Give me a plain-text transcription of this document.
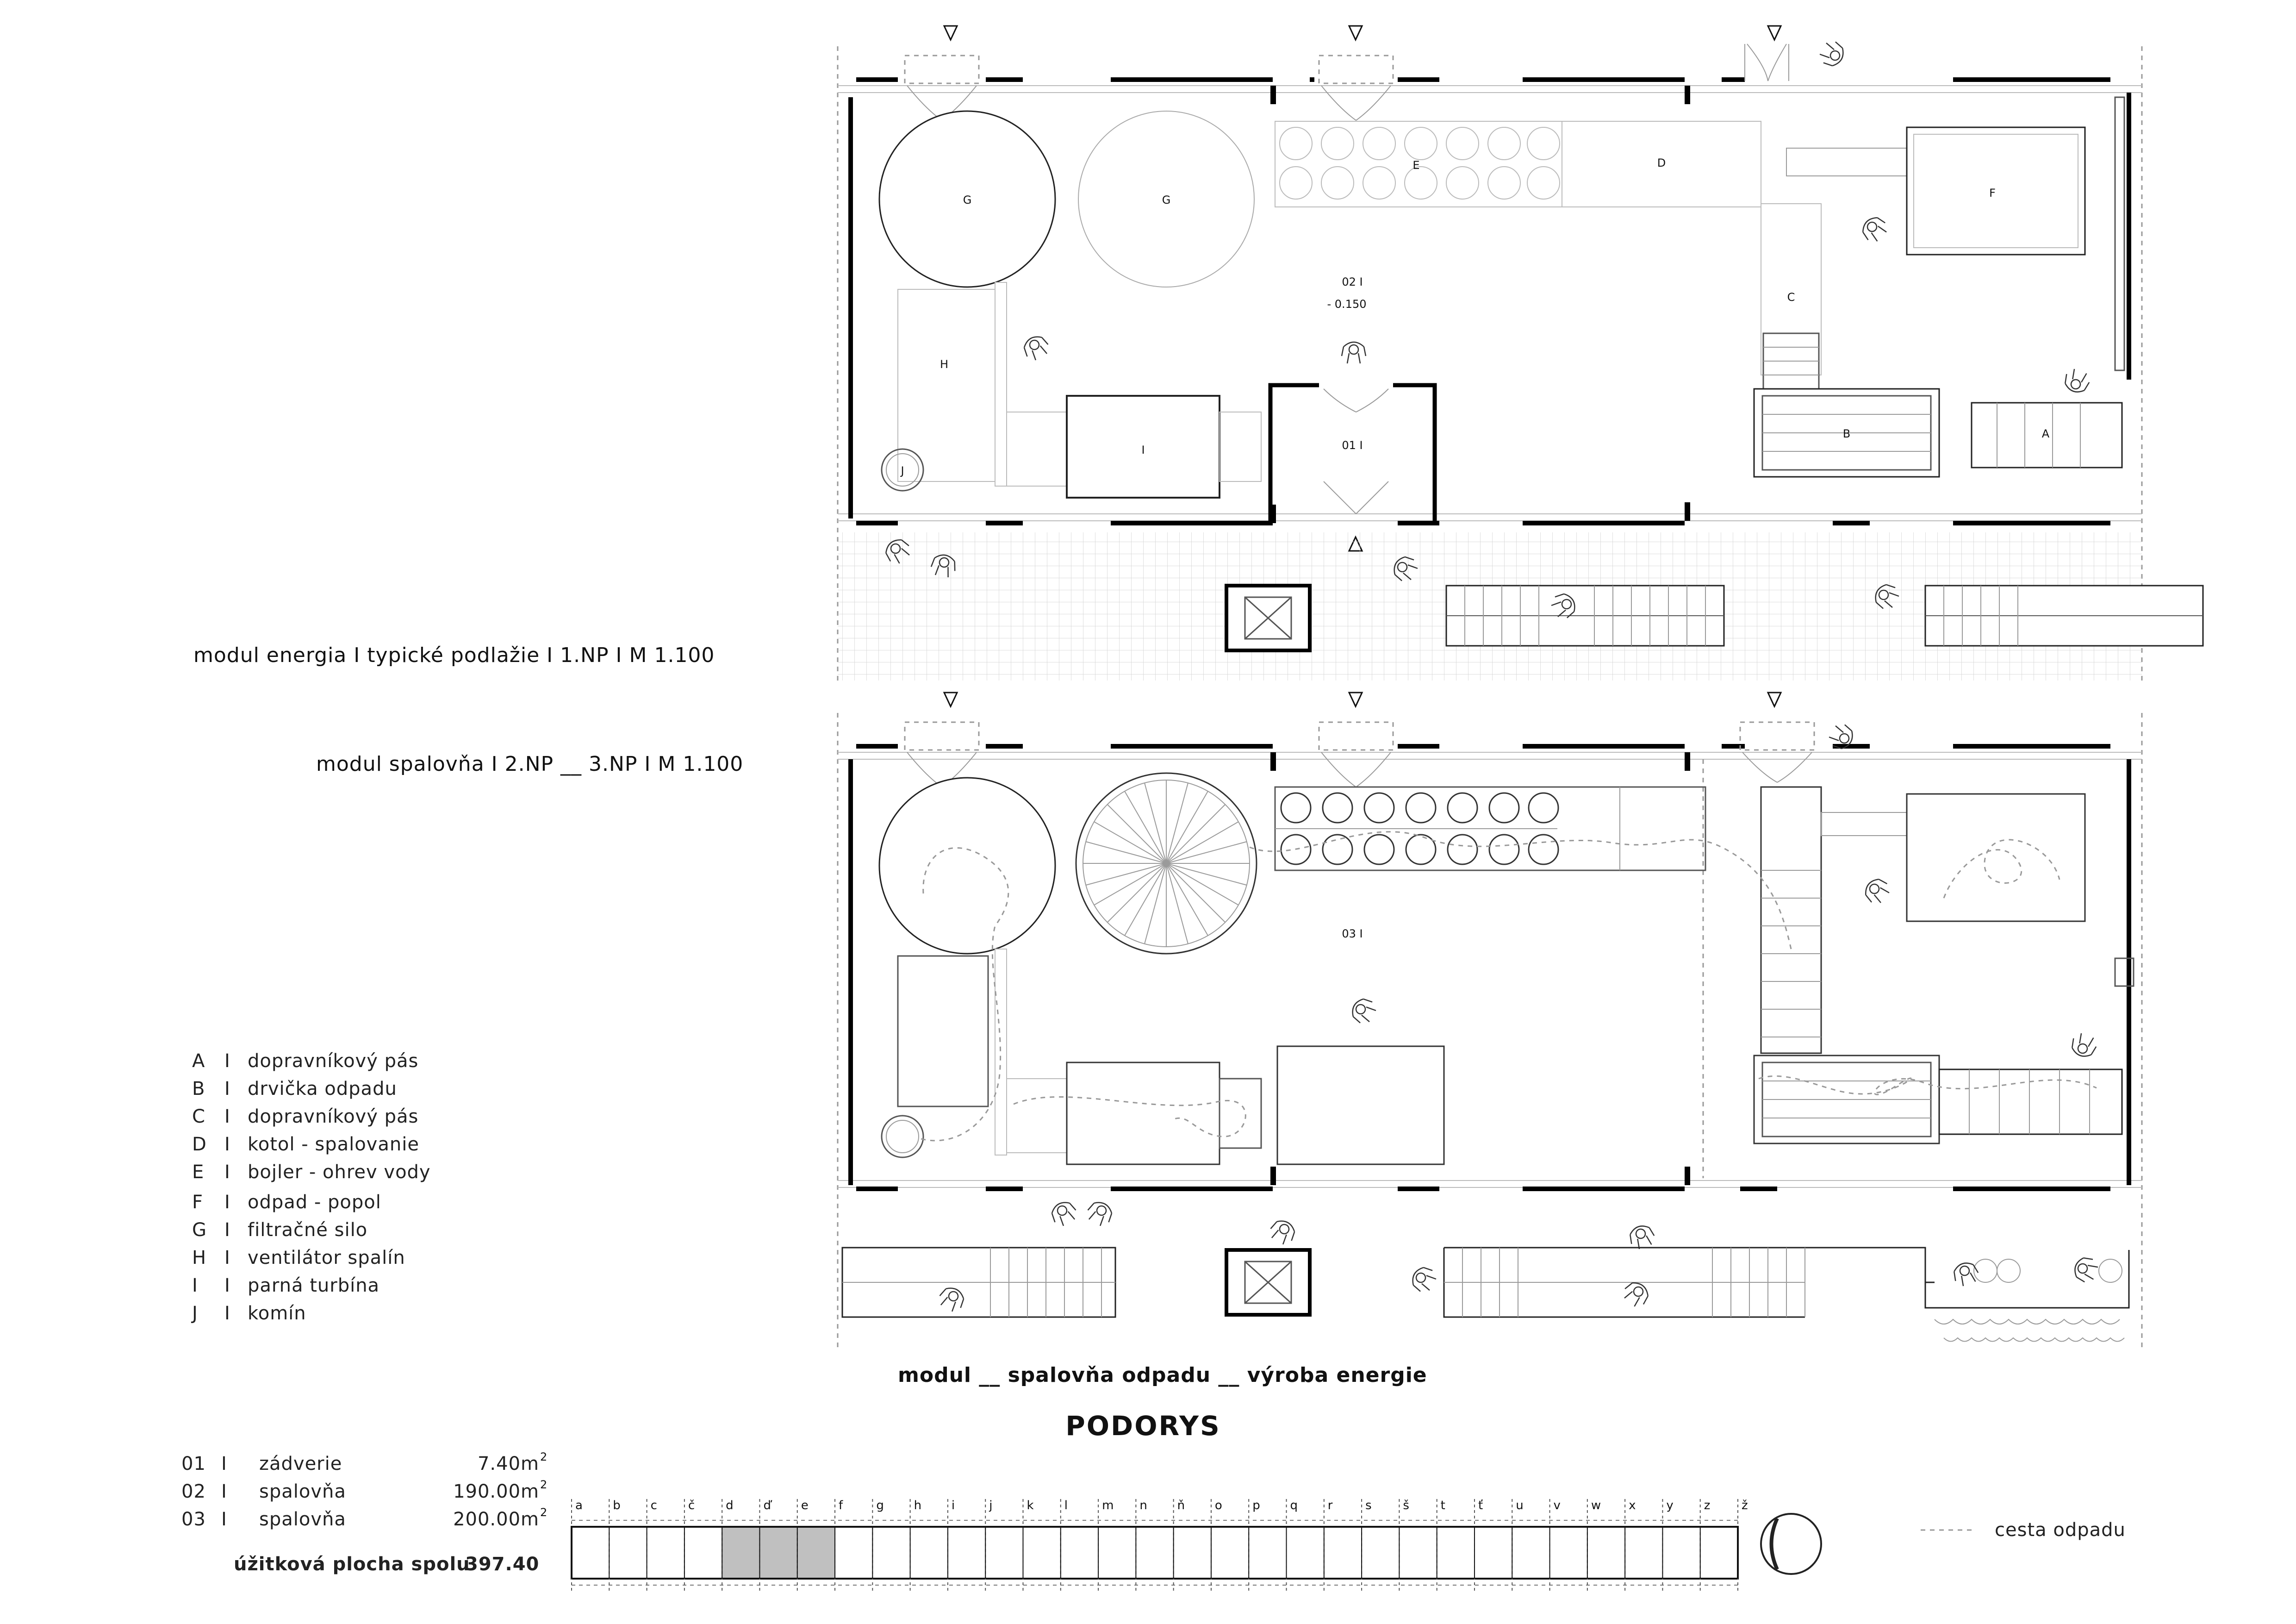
G	G
E	D
C
F
B	A
H
J
I	01 I
02 I
- 0.150
modul energia I typické podlažie I 1.NP I M 1.100
modul spalovňa I 2.NP __ 3.NP I M 1.100
03 I
A I dopravníkový pás
B I drvička odpadu
C I dopravníkový pás
D I kotol - spalovanie
E I bojler - ohrev vody
F I odpad - popol
G I filtračné silo
H I ventilátor spalín
I I parná turbína
J I komín
modul __ spalovňa odpadu __ výroba energie
PODORYS
01 I zádverie	7.40m 2
02 I spalovňa	190.00m 2
03 I spalovňa	200.00m 2
úžitková plocha spolu
397.40
a	b c	č	d ď e	f	g h i	j	k	l	m n ň o	p q r	s	š	t	ť	u v	w x	y	z	ž
cesta odpadu
